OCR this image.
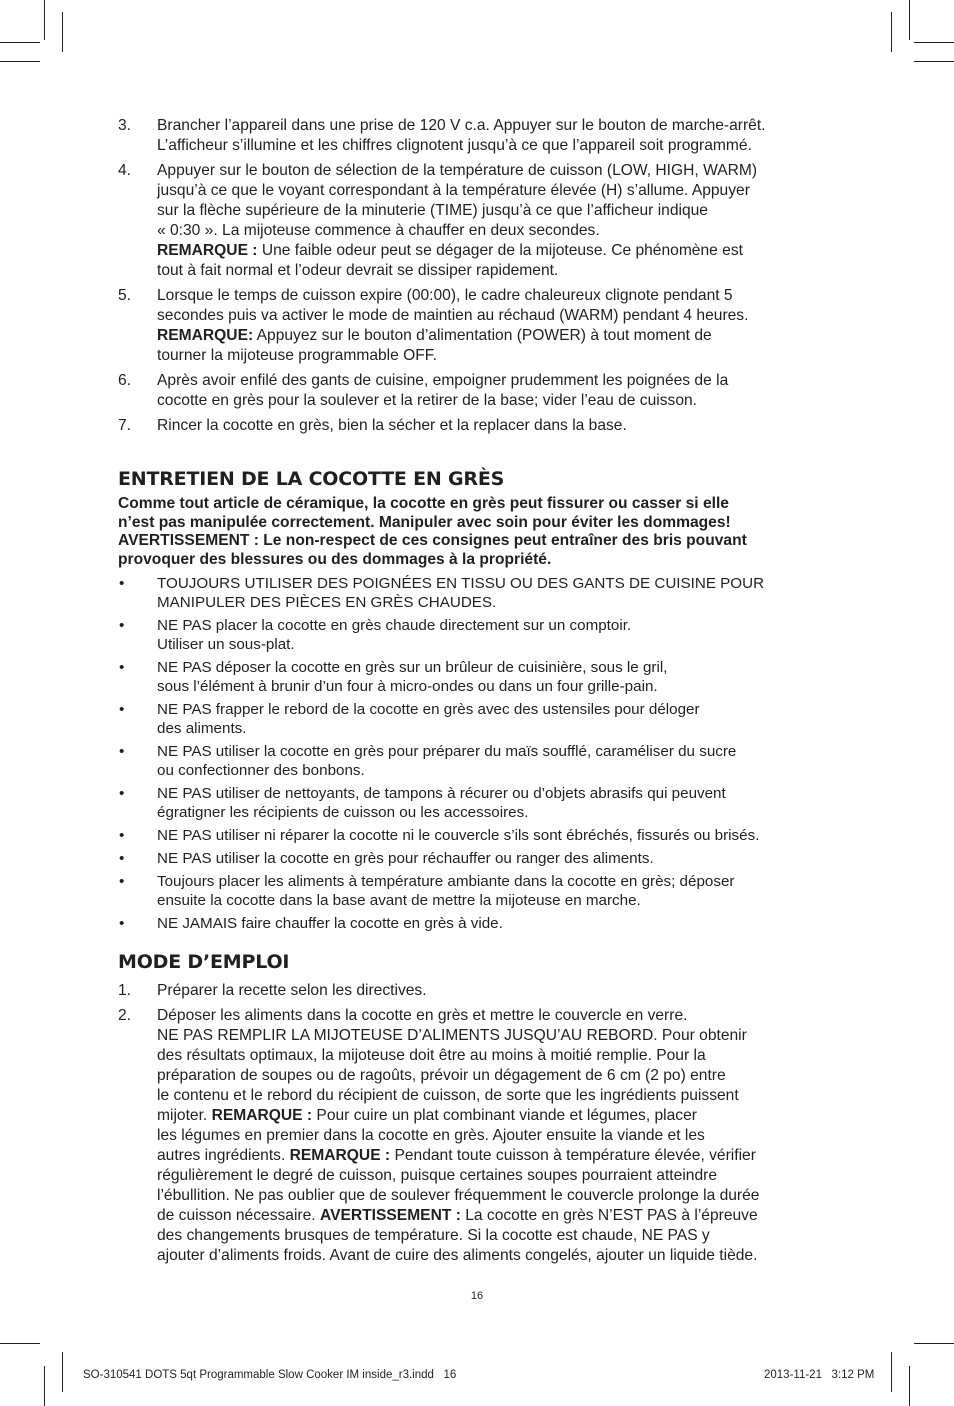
3. Brancher l’appareil dans une prise de 120 V c.a. Appuyer sur le bouton de marche-arrêt.
L’afficheur s’illumine et les chiffres clignotent jusqu’à ce que l’appareil soit programmé.
4. Appuyer sur le bouton de sélection de la température de cuisson (LOW, HIGH, WARM)
jusqu’à ce que le voyant correspondant à la température élevée (H) s’allume. Appuyer
sur la flèche supérieure de la minuterie (TIME) jusqu’à ce que l’afficheur indique
« 0:30 ». La mijoteuse commence à chauffer en deux secondes.
REMARQUE : Une faible odeur peut se dégager de la mijoteuse. Ce phénomène est
tout à fait normal et l’odeur devrait se dissiper rapidement.
5. Lorsque le temps de cuisson expire (00:00), le cadre chaleureux clignote pendant 5
secondes puis va activer le mode de maintien au réchaud (WARM) pendant 4 heures.
REMARQUE: Appuyez sur le bouton d’alimentation (POWER) à tout moment de
tourner la mijoteuse programmable OFF.
6. Après avoir enfilé des gants de cuisine, empoigner prudemment les poignées de la
cocotte en grès pour la soulever et la retirer de la base; vider l’eau de cuisson.
7. Rincer la cocotte en grès, bien la sécher et la replacer dans la base.
ENTRETIEN DE LA COCOTTE EN GRÈS
Comme tout article de céramique, la cocotte en grès peut fissurer ou casser si elle
n’est pas manipulée correctement. Manipuler avec soin pour éviter les dommages!
AVERTISSEMENT : Le non-respect de ces consignes peut entraîner des bris pouvant
provoquer des blessures ou des dommages à la propriété.
• TOUJOURS UTILISER DES POIGNÉES EN TISSU OU DES GANTS DE CUISINE POUR
MANIPULER DES PIÈCES EN GRÈS CHAUDES.
• NE PAS placer la cocotte en grès chaude directement sur un comptoir.
Utiliser un sous-plat.
• NE PAS déposer la cocotte en grès sur un brûleur de cuisinière, sous le gril,
sous l’élément à brunir d’un four à micro-ondes ou dans un four grille-pain.
• NE PAS frapper le rebord de la cocotte en grès avec des ustensiles pour déloger
des aliments.
• NE PAS utiliser la cocotte en grès pour préparer du maïs soufflé, caraméliser du sucre
ou confectionner des bonbons.
• NE PAS utiliser de nettoyants, de tampons à récurer ou d’objets abrasifs qui peuvent
égratigner les récipients de cuisson ou les accessoires.
• NE PAS utiliser ni réparer la cocotte ni le couvercle s’ils sont ébréchés, fissurés ou brisés.
• NE PAS utiliser la cocotte en grès pour réchauffer ou ranger des aliments.
• Toujours placer les aliments à température ambiante dans la cocotte en grès; déposer
ensuite la cocotte dans la base avant de mettre la mijoteuse en marche.
• NE JAMAIS faire chauffer la cocotte en grès à vide.
MODE D’EMPLOI
1. Préparer la recette selon les directives.
2. Déposer les aliments dans la cocotte en grès et mettre le couvercle en verre.
NE PAS REMPLIR LA MIJOTEUSE D’ALIMENTS JUSQU’AU REBORD. Pour obtenir
des résultats optimaux, la mijoteuse doit être au moins à moitié remplie. Pour la
préparation de soupes ou de ragoûts, prévoir un dégagement de 6 cm (2 po) entre
le contenu et le rebord du récipient de cuisson, de sorte que les ingrédients puissent
mijoter. REMARQUE : Pour cuire un plat combinant viande et légumes, placer
les légumes en premier dans la cocotte en grès. Ajouter ensuite la viande et les
autres ingrédients. REMARQUE : Pendant toute cuisson à température élevée, vérifier
régulièrement le degré de cuisson, puisque certaines soupes pourraient atteindre
l’ébullition. Ne pas oublier que de soulever fréquemment le couvercle prolonge la durée
de cuisson nécessaire. AVERTISSEMENT : La cocotte en grès N’EST PAS à l’épreuve
des changements brusques de température. Si la cocotte est chaude, NE PAS y
ajouter d’aliments froids. Avant de cuire des aliments congelés, ajouter un liquide tiède.
16
SO-310541 DOTS 5qt Programmable Slow Cooker IM inside_r3.indd   16	2013-11-21   3:12 PM
